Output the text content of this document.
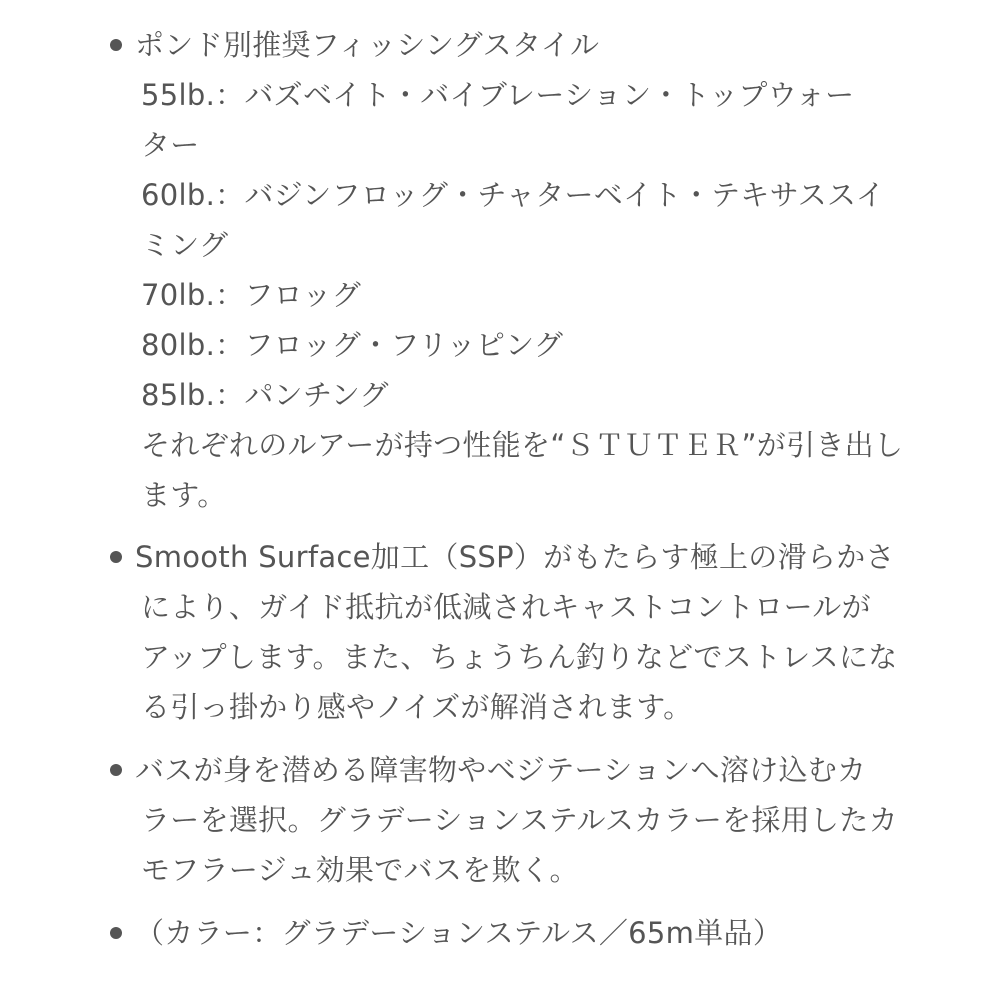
ポンド別推奨フィッシングスタイル
55lb.：バズベイト・バイブレーション・トップウォー
ター
60lb.：バジンフロッグ・チャターベイト・テキサススイ
ミング
70lb.：フロッグ
80lb.：フロッグ・フリッピング
85lb.：パンチング
それぞれのルアーが持つ性能を“ＳＴＵＴＥＲ”が引き出し
ます。
Smooth Surface加工（SSP）がもたらす極上の滑らかさ
により、ガイド抵抗が低減されキャストコントロールが
アップします。また、ちょうちん釣りなどでストレスにな
る引っ掛かり感やノイズが解消されます。
バスが身を潜める障害物やベジテーションへ溶け込むカ
ラーを選択。グラデーションステルスカラーを採用したカ
モフラージュ効果でバスを欺く。
（カラー：グラデーションステルス／65m単品）
